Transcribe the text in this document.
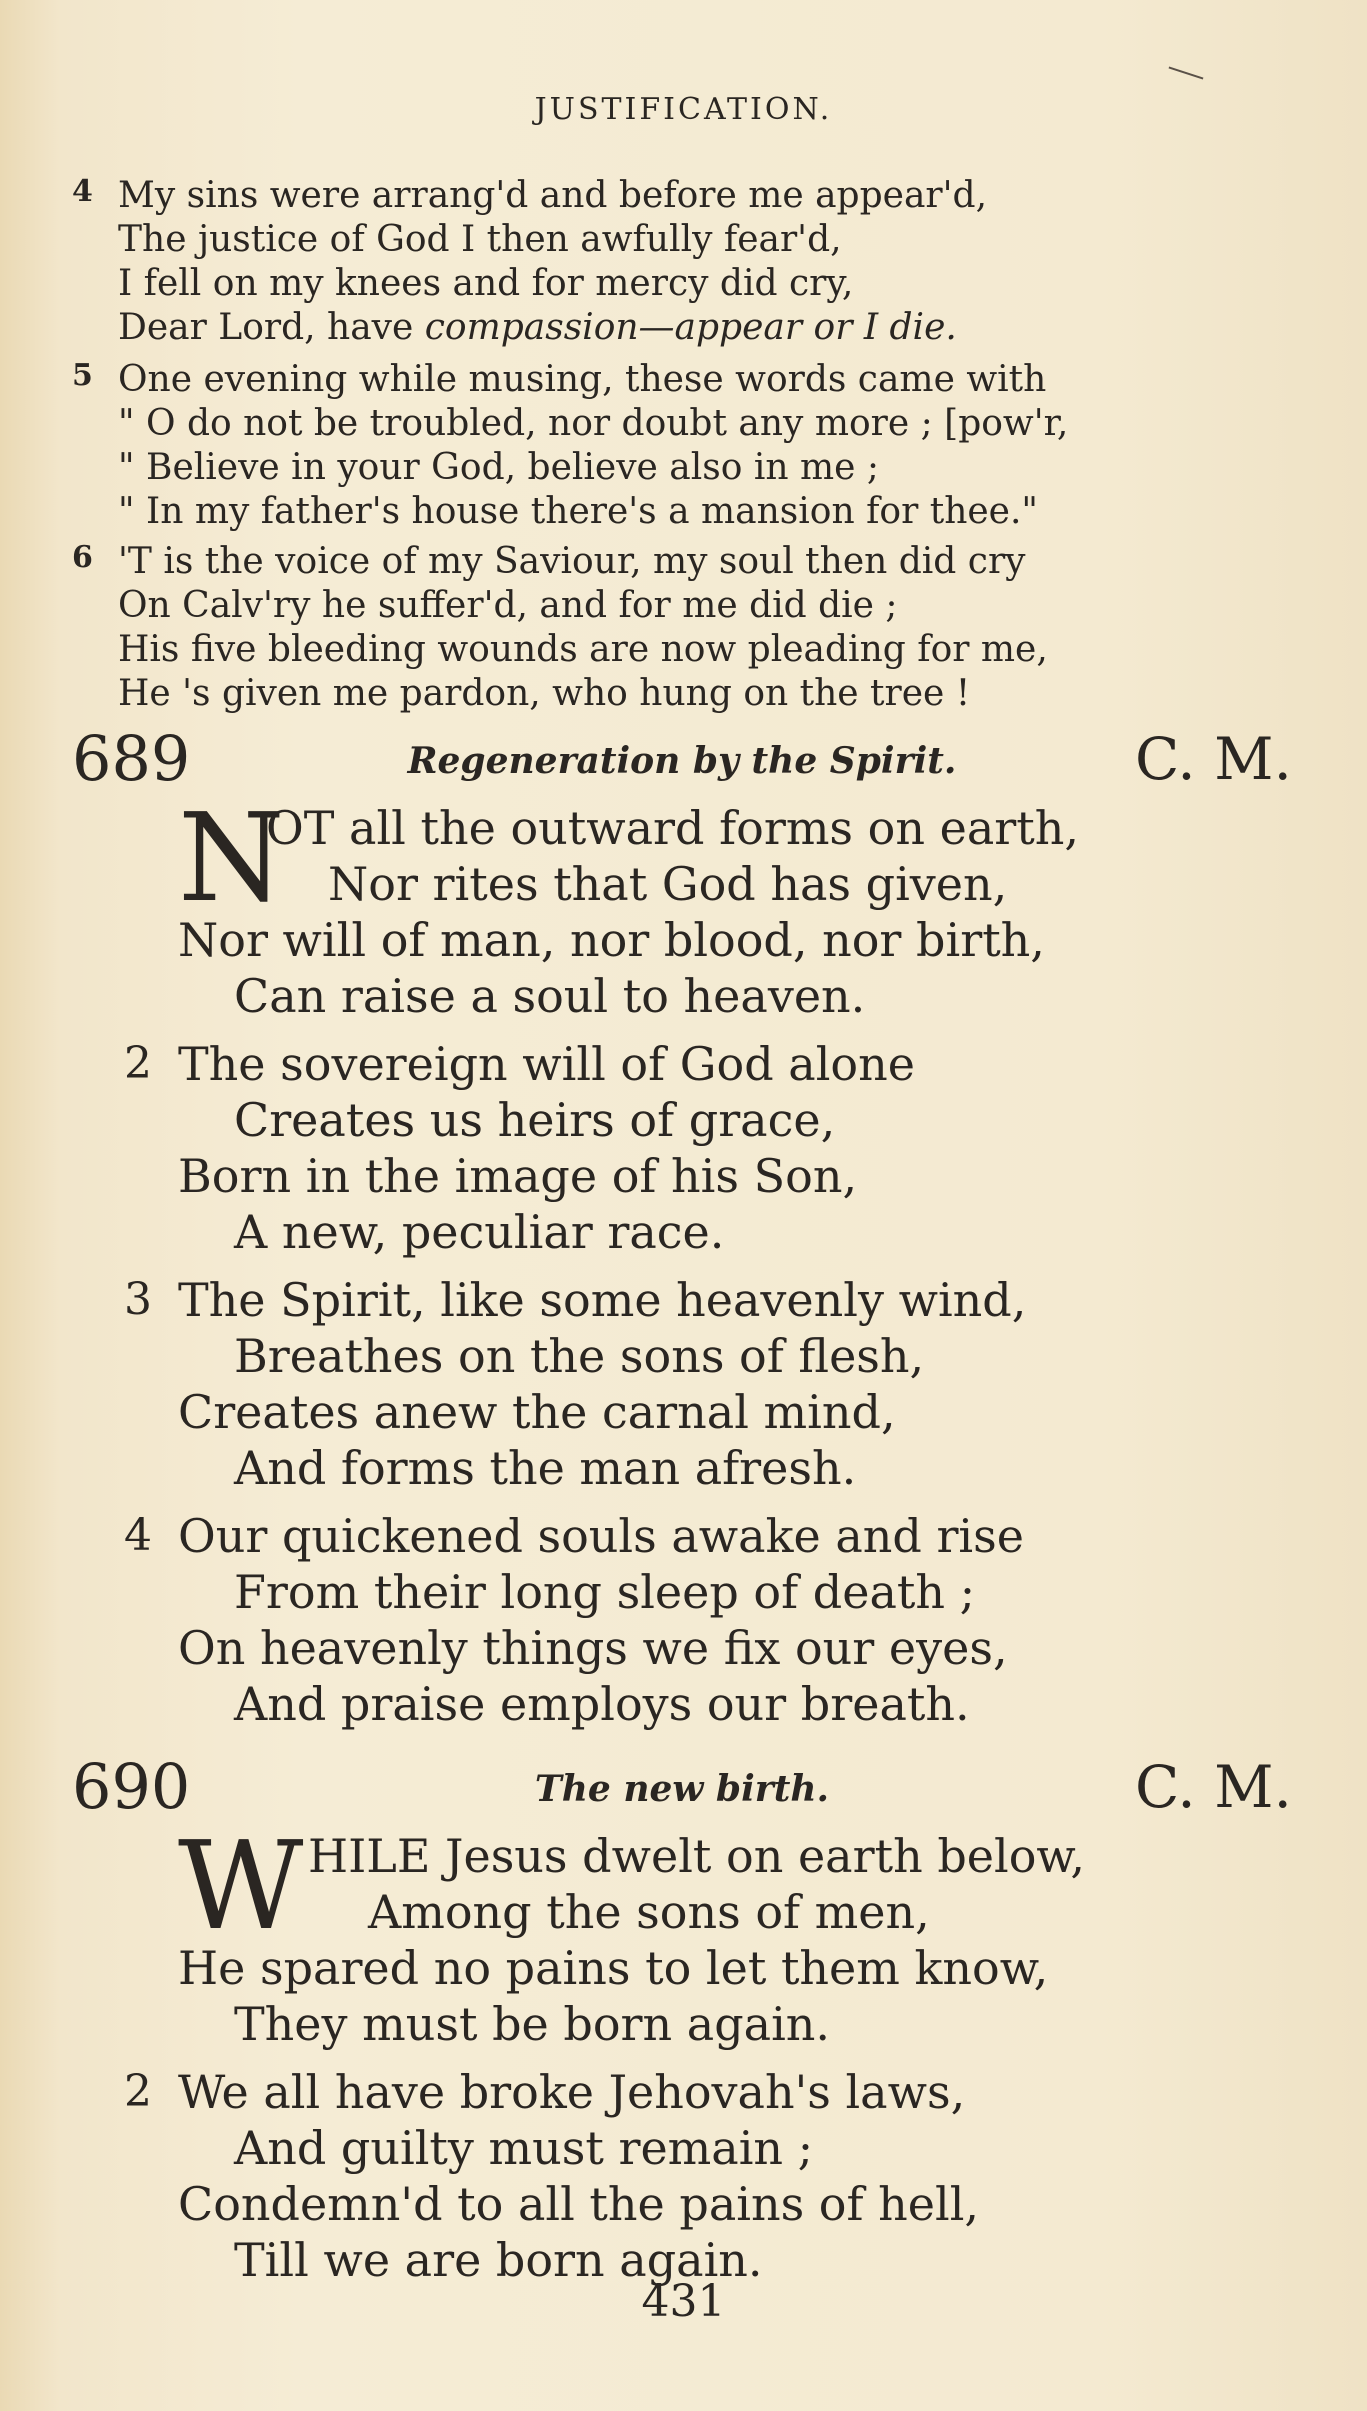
JUSTIFICATION.
4 My sins were arrang'd and before me appear'd,
The justice of God I then awfully fear'd,
I fell on my knees and for mercy did cry,
Dear Lord, have compassion—appear or I die.
5 One evening while musing, these words came with
" O do not be troubled, nor doubt any more ; [pow'r,
" Believe in your God, believe also in me ;
" In my father's house there's a mansion for thee."
6 'T is the voice of my Saviour, my soul then did cry
On Calv'ry he suffer'd, and for me did die ;
His five bleeding wounds are now pleading for me,
He 's given me pardon, who hung on the tree !
689	Regeneration by the Spirit.	C. M.
N
OT all the outward forms on earth,
Nor rites that God has given,
Nor will of man, nor blood, nor birth,
Can raise a soul to heaven.
2 The sovereign will of God alone
Creates us heirs of grace,
Born in the image of his Son,
A new, peculiar race.
3 The Spirit, like some heavenly wind,
Breathes on the sons of flesh,
Creates anew the carnal mind,
And forms the man afresh.
4 Our quickened souls awake and rise
From their long sleep of death ;
On heavenly things we fix our eyes,
And praise employs our breath.
690	The new birth.	C. M.
W HILE Jesus dwelt on earth below,
Among the sons of men,
He spared no pains to let them know,
They must be born again.
2 We all have broke Jehovah's laws,
And guilty must remain ;
Condemn'd to all the pains of hell,
Till we are born again.
431
